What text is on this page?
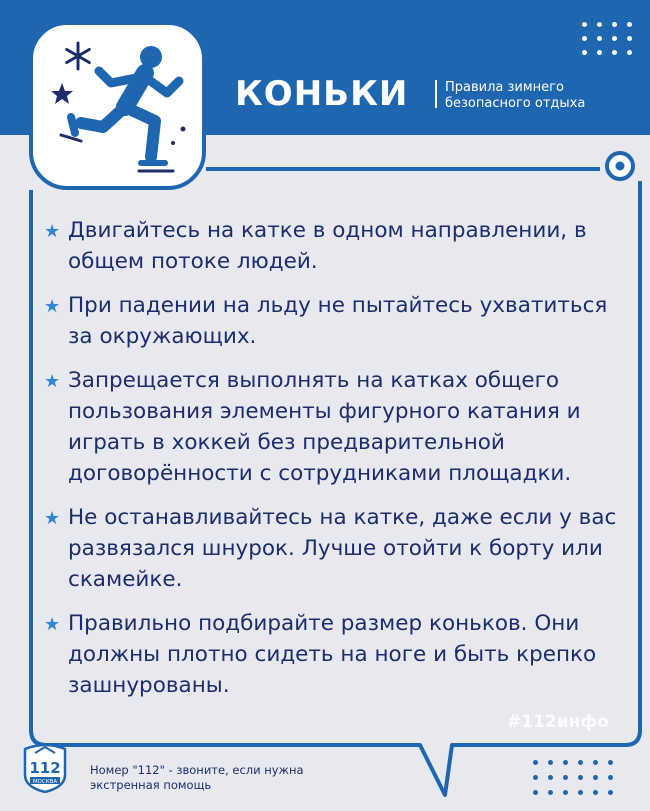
КОНЬКИ	Правила зимнего безопасного отдыха
★ Двигайтесь на катке в одном направлении, в общем потоке людей.
★ При падении на льду не пытайтесь ухватиться за окружающих.
★ Запрещается выполнять на катках общего пользования элементы фигурного катания и играть в хоккей без предварительной договорённости с сотрудниками площадки.
★ Не останавливайтесь на катке, даже если у вас развязался шнурок. Лучше отойти к борту или скамейке.
★ Правильно подбирайте размер коньков. Они должны плотно сидеть на ноге и быть крепко зашнурованы.
#112инфо
112
МОСКВА
Номер "112" - звоните, если нужна экстренная помощь
